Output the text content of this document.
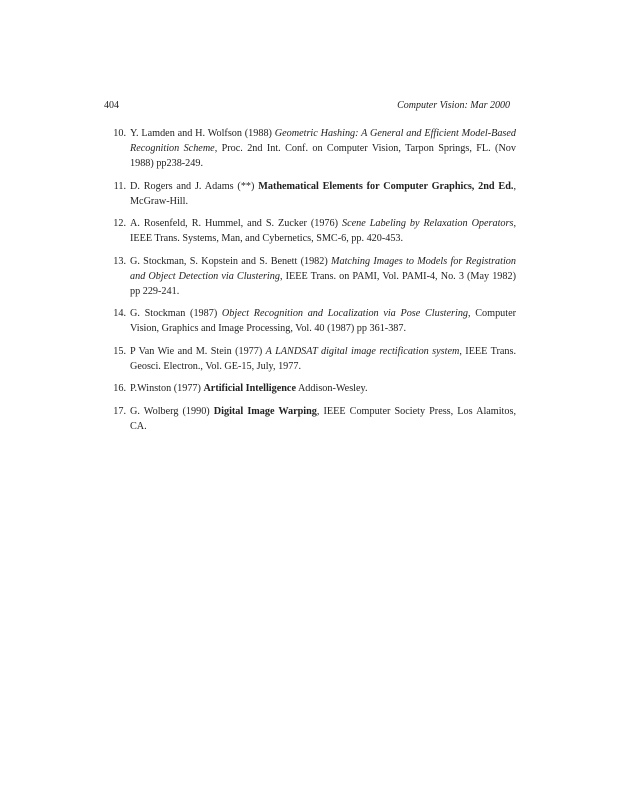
404	Computer Vision: Mar 2000
10. Y. Lamden and H. Wolfson (1988) Geometric Hashing: A General and Efficient Model-Based Recognition Scheme, Proc. 2nd Int. Conf. on Computer Vision, Tarpon Springs, FL. (Nov 1988) pp238-249.
11. D. Rogers and J. Adams (**) Mathematical Elements for Computer Graphics, 2nd Ed., McGraw-Hill.
12. A. Rosenfeld, R. Hummel, and S. Zucker (1976) Scene Labeling by Relaxation Operators, IEEE Trans. Systems, Man, and Cybernetics, SMC-6, pp. 420-453.
13. G. Stockman, S. Kopstein and S. Benett (1982) Matching Images to Models for Registration and Object Detection via Clustering, IEEE Trans. on PAMI, Vol. PAMI-4, No. 3 (May 1982) pp 229-241.
14. G. Stockman (1987) Object Recognition and Localization via Pose Clustering, Computer Vision, Graphics and Image Processing, Vol. 40 (1987) pp 361-387.
15. P Van Wie and M. Stein (1977) A LANDSAT digital image rectification system, IEEE Trans. Geosci. Electron., Vol. GE-15, July, 1977.
16. P.Winston (1977) Artificial Intelligence Addison-Wesley.
17. G. Wolberg (1990) Digital Image Warping, IEEE Computer Society Press, Los Alamitos, CA.
